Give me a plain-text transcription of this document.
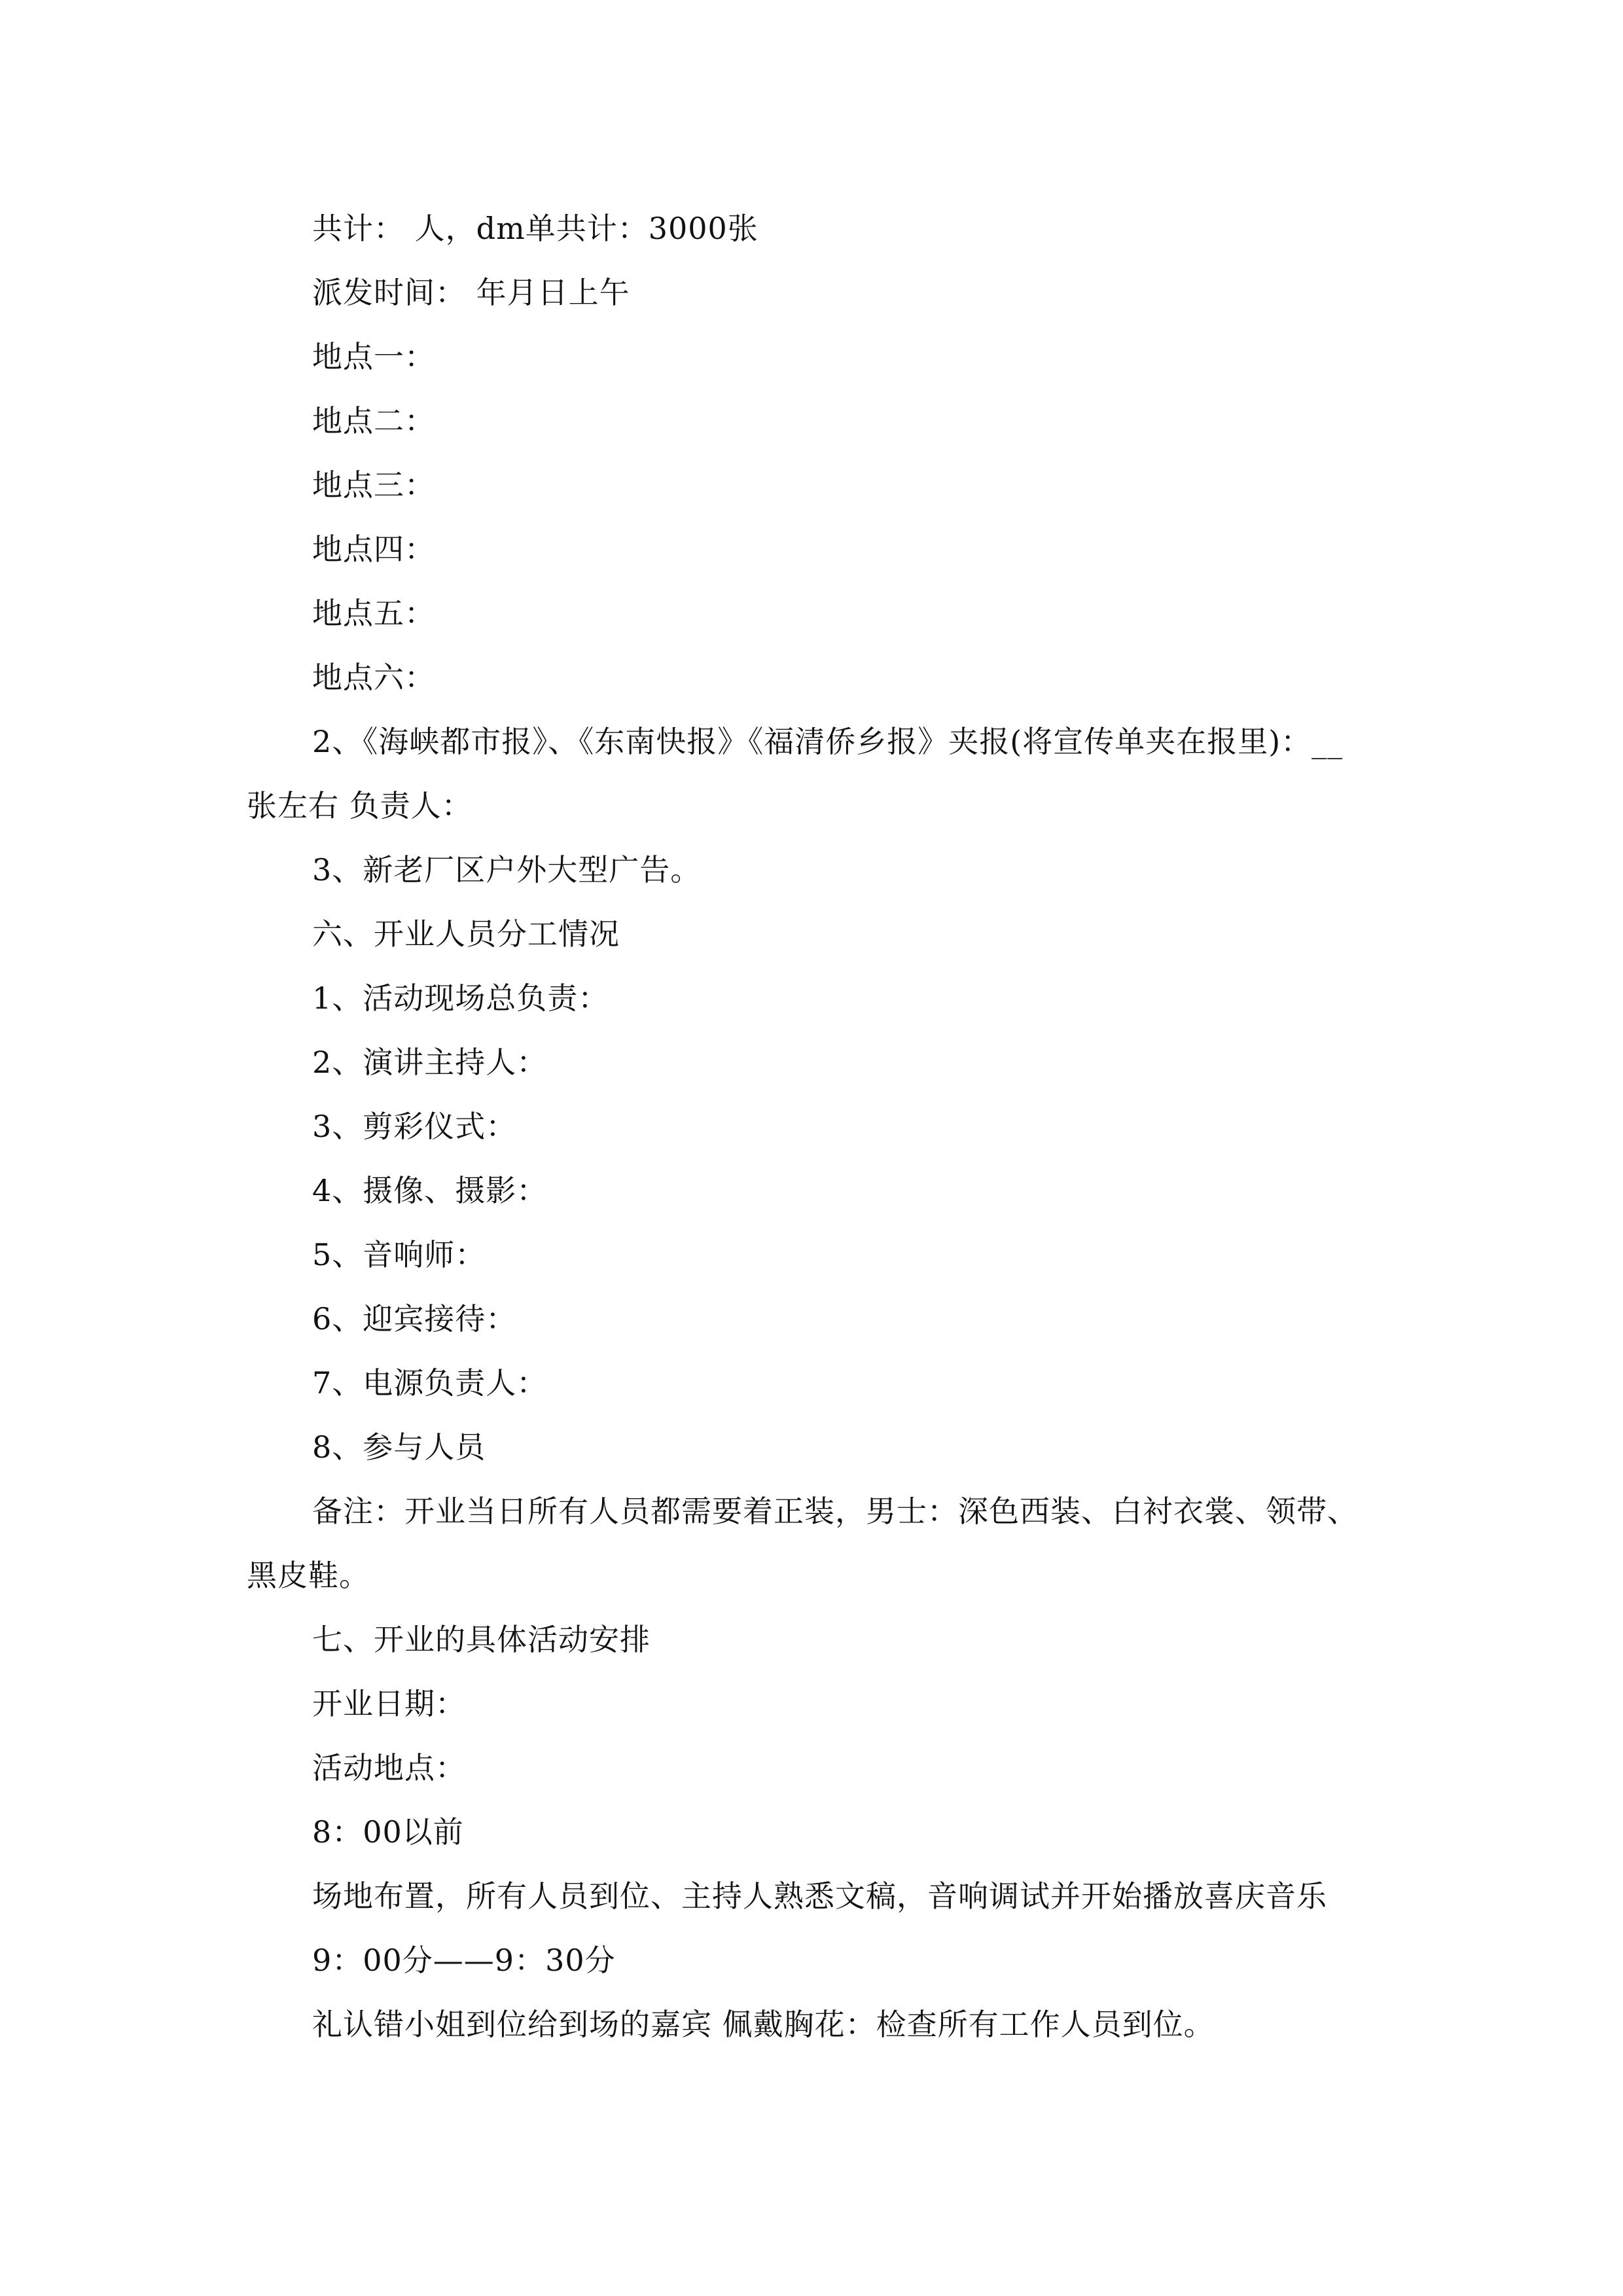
共计： 人，dm单共计：3000张
派发时间： 年月日上午
地点一：
地点二：
地点三：
地点四：
地点五：
地点六：
2、《海峡都市报》、《东南快报》《福清侨乡报》夹报(将宣传单夹在报里)：__
张左右 负责人：
3、新老厂区户外大型广告。
六、开业人员分工情况
1、活动现场总负责：
2、演讲主持人：
3、剪彩仪式：
4、摄像、摄影：
5、音响师：
6、迎宾接待：
7、电源负责人：
8、参与人员
备注：开业当日所有人员都需要着正装，男士：深色西装、白衬衣裳、领带、
黑皮鞋。
七、开业的具体活动安排
开业日期：
活动地点：
8：00以前
场地布置，所有人员到位、主持人熟悉文稿，音响调试并开始播放喜庆音乐
9：00分——9：30分
礼认错小姐到位给到场的嘉宾 佩戴胸花：检查所有工作人员到位。
